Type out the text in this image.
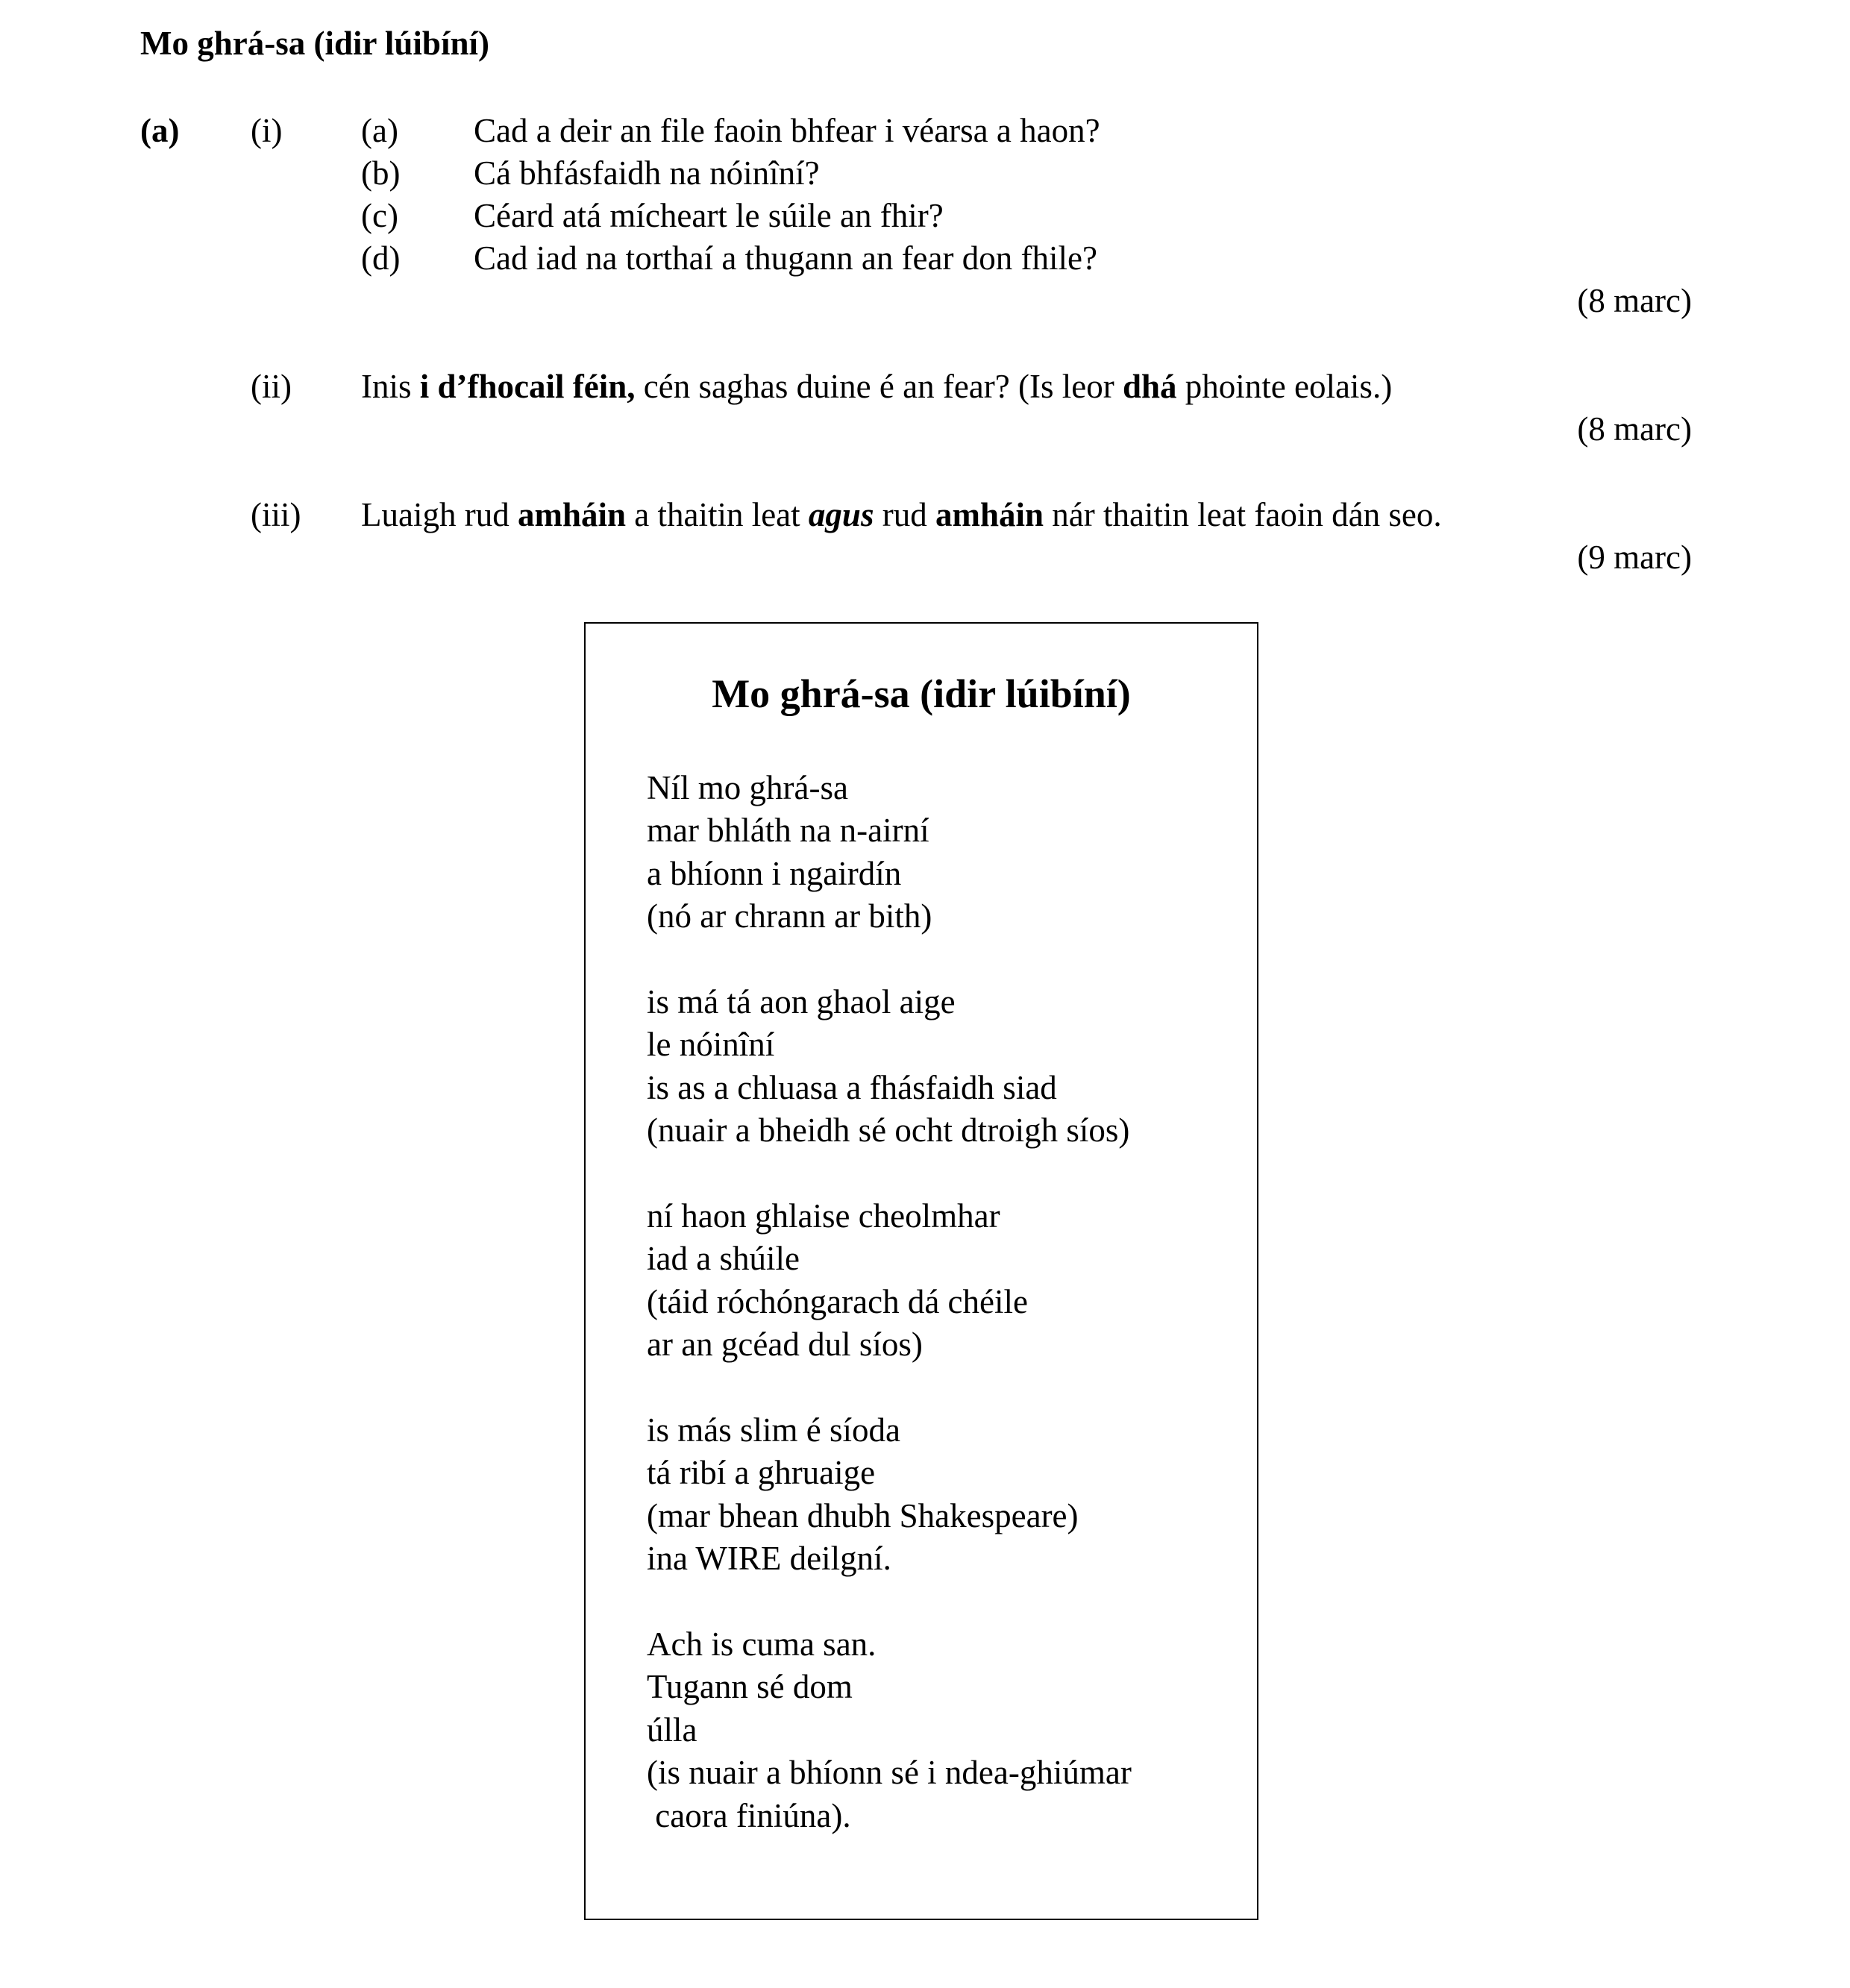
Mo ghrá-sa (idir lúibíní)
(a) (i) (a) Cad a deir an file faoin bhfear i véarsa a haon?
(b) Cá bhfásfaidh na nóinîní?
(c) Céard atá mícheart le súile an fhir?
(d) Cad iad na torthaí a thugann an fear don fhile?
(8 marc)
(ii) Inis i d’fhocail féin, cén saghas duine é an fear? (Is leor dhá phointe eolais.)
(8 marc)
(iii) Luaigh rud amháin a thaitin leat agus rud amháin nár thaitin leat faoin dán seo.
(9 marc)
Mo ghrá-sa (idir lúibíní)
Níl mo ghrá-sa
mar bhláth na n-airní
a bhíonn i ngairdín
(nó ar chrann ar bith)
is má tá aon ghaol aige
le nóinîní
is as a chluasa a fhásfaidh siad
(nuair a bheidh sé ocht dtroigh síos)
ní haon ghlaise cheolmhar
iad a shúile
(táid róchóngarach dá chéile
ar an gcéad dul síos)
is más slim é síoda
tá ribí a ghruaige
(mar bhean dhubh Shakespeare)
ina WIRE deilgní.
Ach is cuma san.
Tugann sé dom
úlla
(is nuair a bhíonn sé i ndea-ghiúmar
caora finiúna).
